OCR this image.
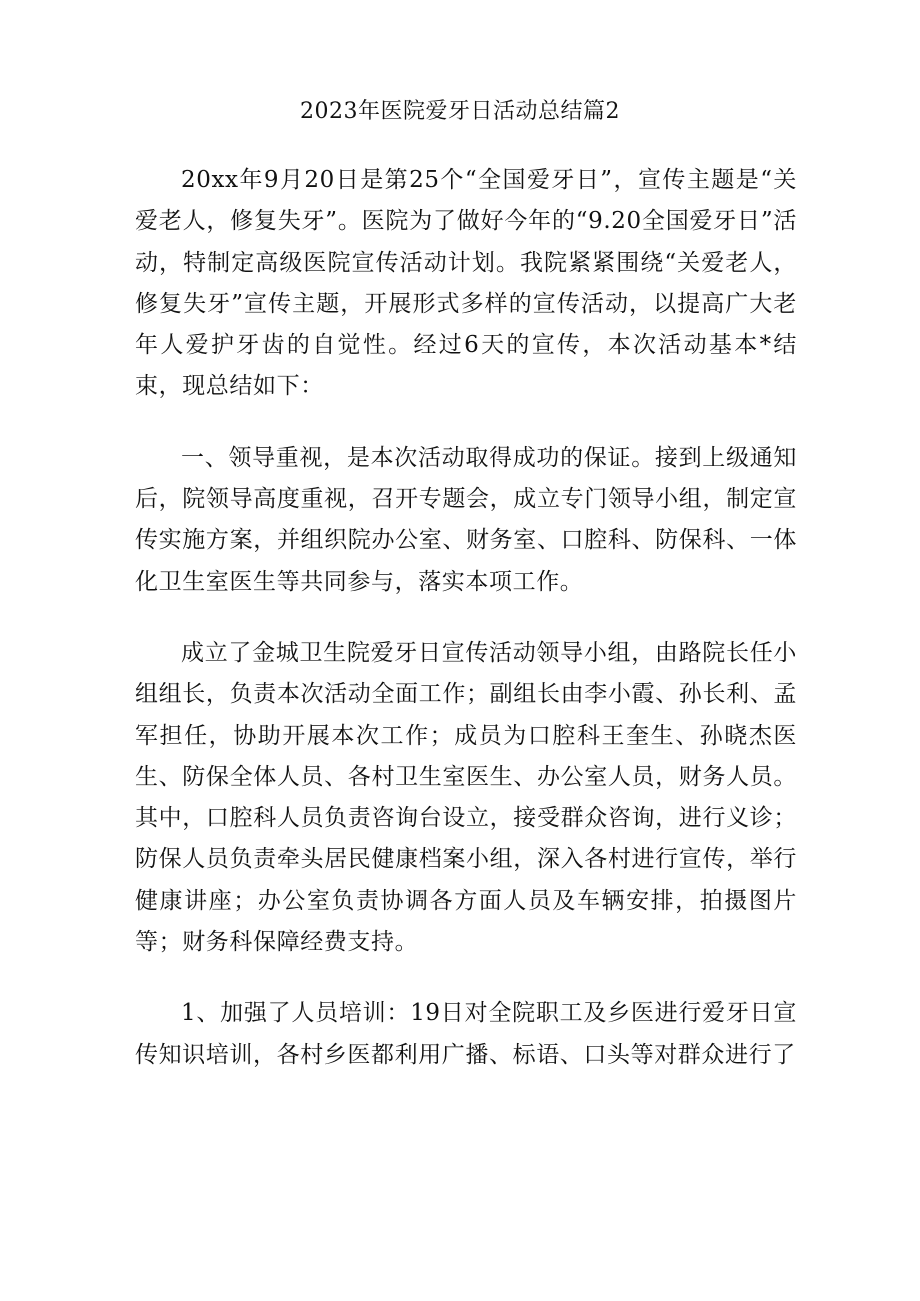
2023年医院爱牙日活动总结篇2

20xx年9月20日是第25个“全国爱牙日”，宣传主题是“关爱老人，修复失牙”。医院为了做好今年的“9.20全国爱牙日”活动，特制定高级医院宣传活动计划。我院紧紧围绕“关爱老人，修复失牙”宣传主题，开展形式多样的宣传活动，以提高广大老年人爱护牙齿的自觉性。经过6天的宣传，本次活动基本*结束，现总结如下：

一、领导重视，是本次活动取得成功的保证。接到上级通知后，院领导高度重视，召开专题会，成立专门领导小组，制定宣传实施方案，并组织院办公室、财务室、口腔科、防保科、一体化卫生室医生等共同参与，落实本项工作。

成立了金城卫生院爱牙日宣传活动领导小组，由路院长任小组组长，负责本次活动全面工作；副组长由李小霞、孙长利、孟军担任，协助开展本次工作；成员为口腔科王奎生、孙晓杰医生、防保全体人员、各村卫生室医生、办公室人员，财务人员。其中，口腔科人员负责咨询台设立，接受群众咨询，进行义诊；防保人员负责牵头居民健康档案小组，深入各村进行宣传，举行健康讲座；办公室负责协调各方面人员及车辆安排，拍摄图片等；财务科保障经费支持。

1、加强了人员培训：19日对全院职工及乡医进行爱牙日宣传知识培训，各村乡医都利用广播、标语、口头等对群众进行了
